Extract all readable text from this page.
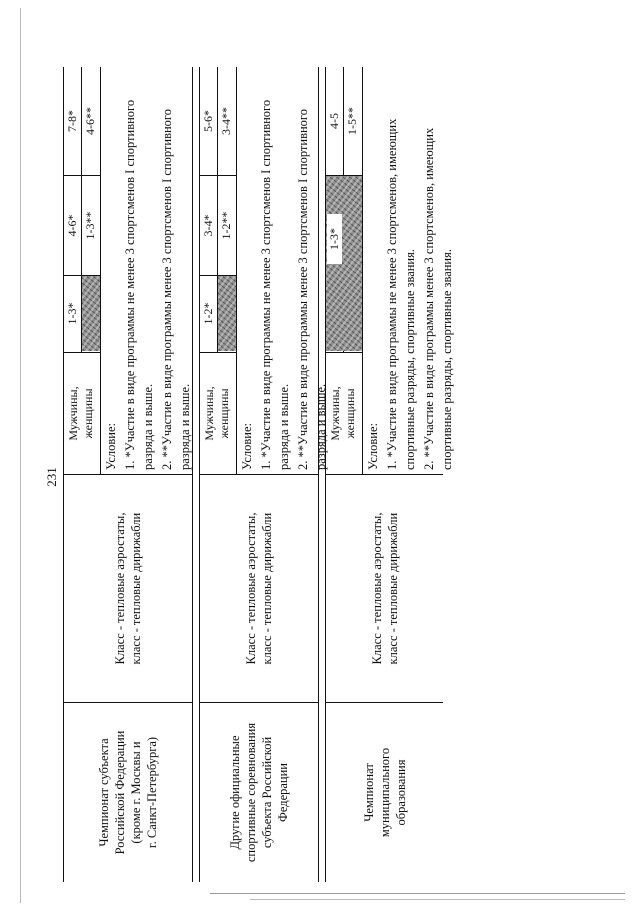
231
Чемпионат субъекта Российской Федерации (кроме г. Москвы и г. Санкт-Петербурга)
Класс - тепловые аэростаты, класс - тепловые дирижабли
Мужчины, женщины
1-3*
4-6*
7-8*
1-3**
4-6**
Условие: 1. *Участие в виде программы не менее 3 спортсменов I спортивного разряда и выше. 2. **Участие в виде программы менее 3 спортсменов I спортивного разряда и выше.
Другие официальные спортивные соревнования субъекта Российской Федерации
Класс - тепловые аэростаты, класс - тепловые дирижабли
Мужчины, женщины
1-2*
3-4*
5-6*
1-2**
3-4**
Условие: 1. *Участие в виде программы не менее 3 спортсменов I спортивного разряда и выше. 2. **Участие в виде программы менее 3 спортсменов I спортивного разряда и выше.
Чемпионат муниципального образования
Класс - тепловые аэростаты, класс - тепловые дирижабли
Мужчины, женщины
1-3*
4-5 1-5**
Условие: 1. *Участие в виде программы не менее 3 спортсменов, имеющих спортивные разряды, спортивные звания. 2. **Участие в виде программы менее 3 спортсменов, имеющих спортивные разряды, спортивные звания.
